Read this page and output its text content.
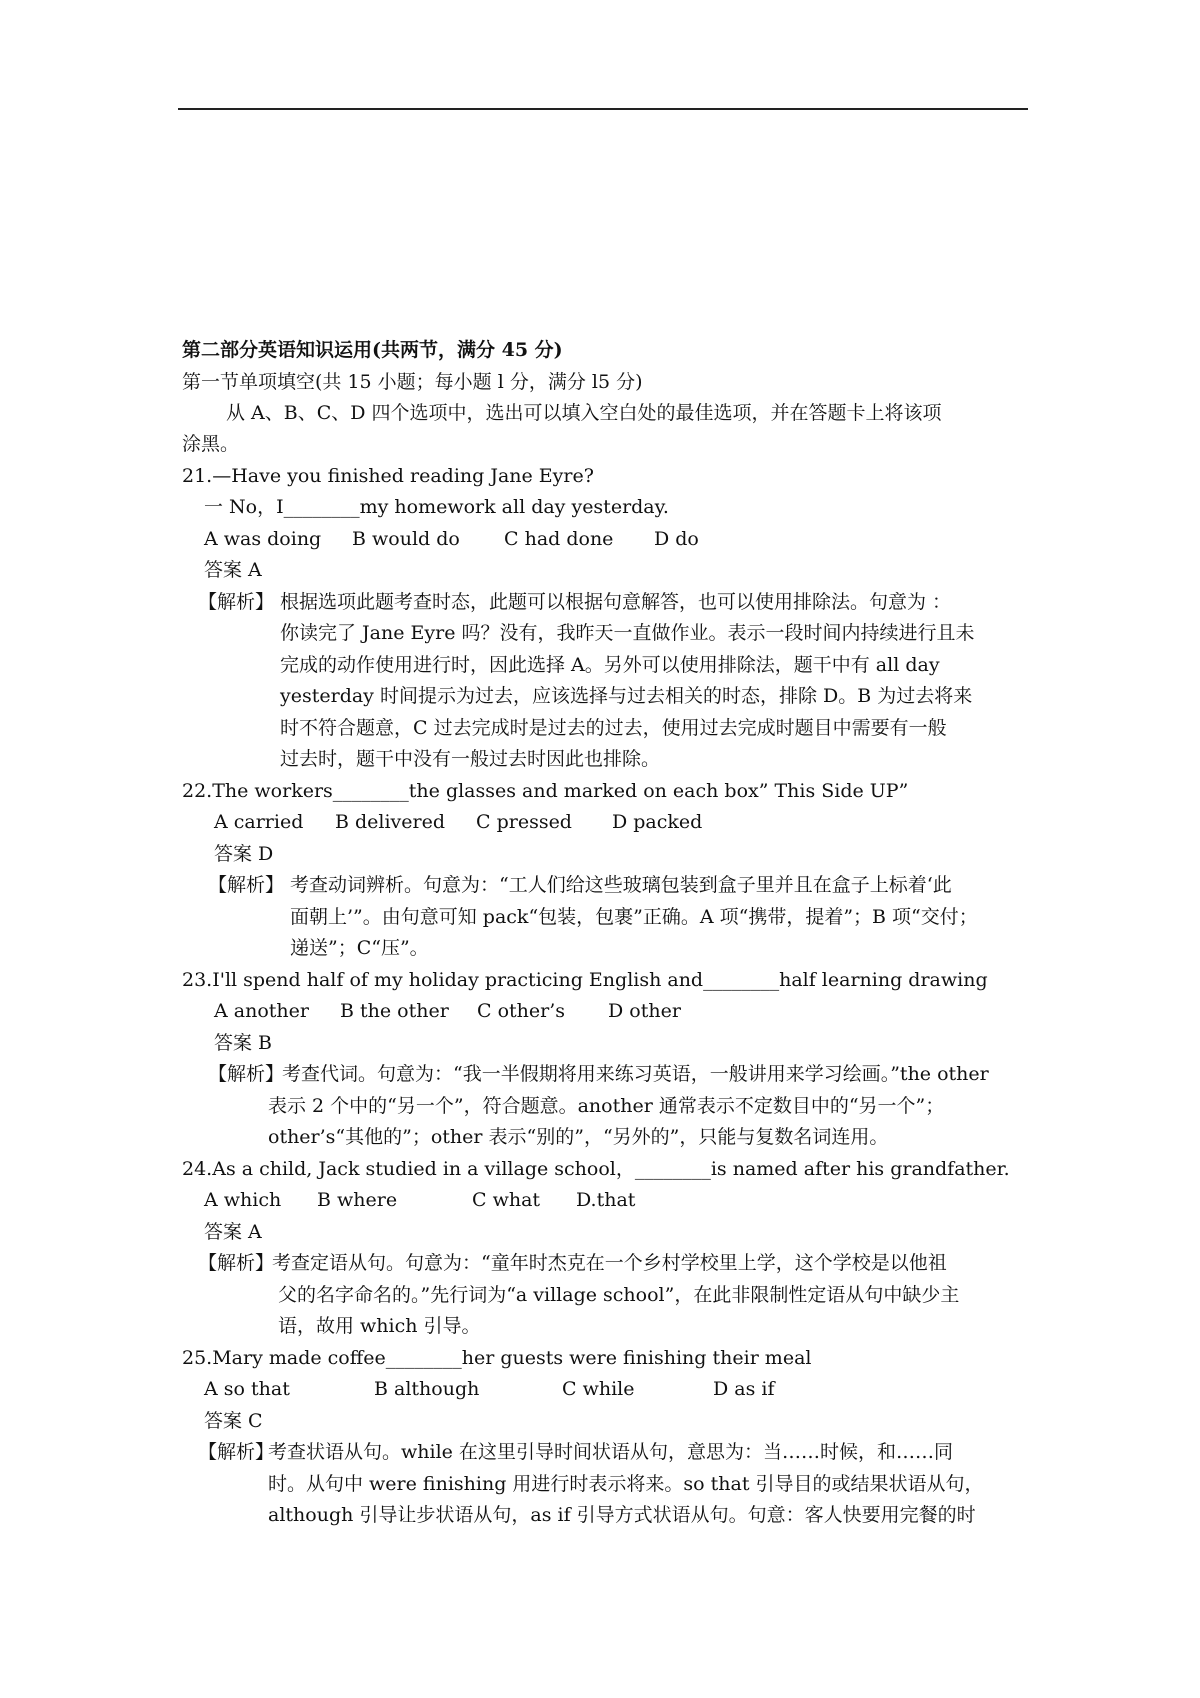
第二部分英语知识运用(共两节，满分 45 分)
第一节单项填空(共 15 小题；每小题 l 分，满分 l5 分)
从 A、B、C、D 四个选项中，选出可以填入空白处的最佳选项，并在答题卡上将该项
涂黑。
21.—Have you finished reading Jane Eyre?
一 No，I________my homework all day yesterday.
A was doing B would do C had done D do
答案 A
【解析】 根据选项此题考查时态，此题可以根据句意解答，也可以使用排除法。句意为 ：
你读完了 Jane Eyre 吗？没有，我昨天一直做作业。表示一段时间内持续进行且未
完成的动作使用进行时，因此选择 A。另外可以使用排除法，题干中有 all day
yesterday 时间提示为过去，应该选择与过去相关的时态，排除 D。B 为过去将来
时不符合题意，C 过去完成时是过去的过去，使用过去完成时题目中需要有一般
过去时，题干中没有一般过去时因此也排除。
22.The workers________the glasses and marked on each box” This Side UP”
A carried B delivered C pressed D packed
答案 D
【解析】 考查动词辨析。句意为：“工人们给这些玻璃包装到盒子里并且在盒子上标着‘此
面朝上’”。由句意可知 pack“包装，包裹”正确。A 项“携带，提着”；B 项“交付；
递送”；C“压”。
23.I'll spend half of my holiday practicing English and________half learning drawing
A another B the other C other’s D other
答案 B
【解析】
考查代词。句意为：“我一半假期将用来练习英语，一般讲用来学习绘画。”the other
表示 2 个中的“另一个”，符合题意。another 通常表示不定数目中的“另一个”；
other’s“其他的”；other 表示“别的”，“另外的”，只能与复数名词连用。
24.As a child, Jack studied in a village school，________is named after his grandfather.
A which B where	C what D.that
答案 A
【解析】
考查定语从句。句意为：“童年时杰克在一个乡村学校里上学，这个学校是以他祖
父的名字命名的。”先行词为“a village school”，在此非限制性定语从句中缺少主
语，故用 which 引导。
25.Mary made coffee________her guests were finishing their meal
A so that	B although	C while	D as if
答案 C
【解析】
考查状语从句。while 在这里引导时间状语从句，意思为：当……时候，和……同
时。从句中 were finishing 用进行时表示将来。so that 引导目的或结果状语从句，
although 引导让步状语从句，as if 引导方式状语从句。句意：客人快要用完餐的时
